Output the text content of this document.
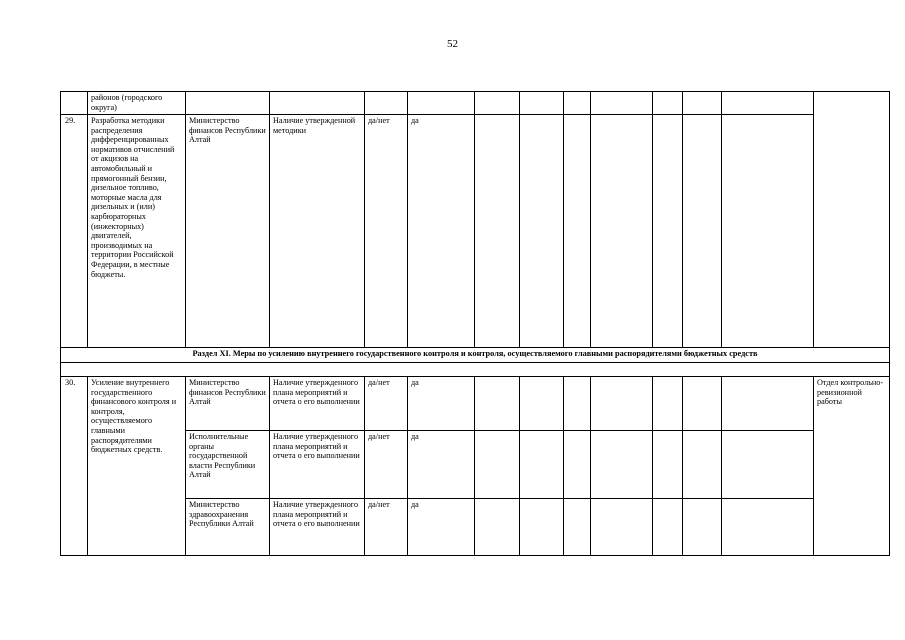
52
	районов (городского округа)												
29.	Разработка методики распределения дифференцированных нормативов отчислений от акцизов на автомобильный и прямогонный бензин, дизельное топливо, моторные масла для дизельных и (или) карбюраторных (инжекторных) двигателей, производимых на территории Российской Федерации, в местные бюджеты.	Министерство финансов Республики Алтай	Наличие утвержденной методики	да/нет	да								
Раздел XI. Меры по усилению внутреннего государственного контроля и контроля, осуществляемого главными распорядителями бюджетных средств													

30.	Усиление внутреннего государственного финансового контроля и контроля, осуществляемого главными распорядителями бюджетных средств.	Министерство финансов Республики Алтай	Наличие утвержденного плана мероприятий и отчета о его выполнении	да/нет	да								Отдел контрольно-ревизионной работы
		Исполнительные органы государственной власти Республики Алтай	Наличие утвержденного плана мероприятий и отчета о его выполнении	да/нет	да								
		Министерство здравоохранения Республики Алтай	Наличие утвержденного плана мероприятий и отчета о его выполнении	да/нет	да								
